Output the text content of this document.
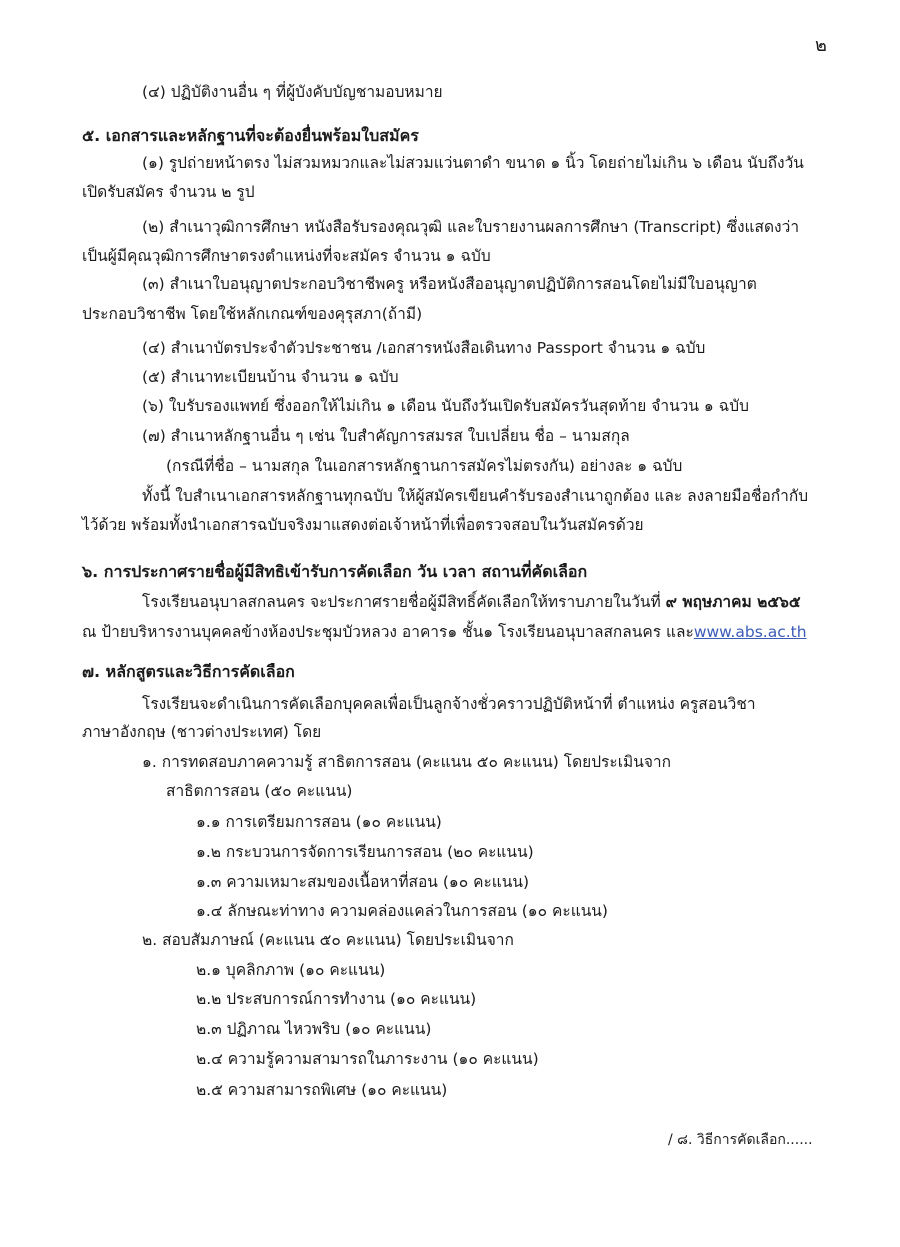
๒
(๔) ปฏิบัติงานอื่น ๆ ที่ผู้บังคับบัญชามอบหมาย
๕. เอกสารและหลักฐานที่จะต้องยื่นพร้อมใบสมัคร
(๑) รูปถ่ายหน้าตรง ไม่สวมหมวกและไม่สวมแว่นตาดำ ขนาด ๑ นิ้ว โดยถ่ายไม่เกิน ๖ เดือน นับถึงวัน
เปิดรับสมัคร จำนวน ๒ รูป
(๒) สำเนาวุฒิการศึกษา หนังสือรับรองคุณวุฒิ และใบรายงานผลการศึกษา (Transcript) ซึ่งแสดงว่า
เป็นผู้มีคุณวุฒิการศึกษาตรงตำแหน่งที่จะสมัคร จำนวน ๑ ฉบับ
(๓) สำเนาใบอนุญาตประกอบวิชาชีพครู หรือหนังสืออนุญาตปฏิบัติการสอนโดยไม่มีใบอนุญาต
ประกอบวิชาชีพ โดยใช้หลักเกณฑ์ของคุรุสภา(ถ้ามี)
(๔) สำเนาบัตรประจำตัวประชาชน /เอกสารหนังสือเดินทาง Passport จำนวน ๑ ฉบับ
(๕) สำเนาทะเบียนบ้าน จำนวน ๑ ฉบับ
(๖) ใบรับรองแพทย์ ซึ่งออกให้ไม่เกิน ๑ เดือน นับถึงวันเปิดรับสมัครวันสุดท้าย จำนวน ๑ ฉบับ
(๗) สำเนาหลักฐานอื่น ๆ เช่น ใบสำคัญการสมรส ใบเปลี่ยน ชื่อ – นามสกุล
(กรณีที่ชื่อ – นามสกุล ในเอกสารหลักฐานการสมัครไม่ตรงกัน) อย่างละ ๑ ฉบับ
ทั้งนี้ ใบสำเนาเอกสารหลักฐานทุกฉบับ ให้ผู้สมัครเขียนคำรับรองสำเนาถูกต้อง และ ลงลายมือชื่อกำกับ
ไว้ด้วย พร้อมทั้งนำเอกสารฉบับจริงมาแสดงต่อเจ้าหน้าที่เพื่อตรวจสอบในวันสมัครด้วย
๖. การประกาศรายชื่อผู้มีสิทธิเข้ารับการคัดเลือก วัน เวลา สถานที่คัดเลือก
โรงเรียนอนุบาลสกลนคร จะประกาศรายชื่อผู้มีสิทธิ์คัดเลือกให้ทราบภายในวันที่ ๙ พฤษภาคม ๒๕๖๕
ณ ป้ายบริหารงานบุคคลข้างห้องประชุมบัวหลวง อาคาร๑ ชั้น๑ โรงเรียนอนุบาลสกลนคร และwww.abs.ac.th
๗. หลักสูตรและวิธีการคัดเลือก
โรงเรียนจะดำเนินการคัดเลือกบุคคลเพื่อเป็นลูกจ้างชั่วคราวปฏิบัติหน้าที่ ตำแหน่ง ครูสอนวิชา
ภาษาอังกฤษ (ชาวต่างประเทศ) โดย
๑. การทดสอบภาคความรู้ สาธิตการสอน (คะแนน ๕๐ คะแนน) โดยประเมินจาก
สาธิตการสอน (๕๐ คะแนน)
๑.๑ การเตรียมการสอน (๑๐ คะแนน)
๑.๒ กระบวนการจัดการเรียนการสอน (๒๐ คะแนน)
๑.๓ ความเหมาะสมของเนื้อหาที่สอน (๑๐ คะแนน)
๑.๔ ลักษณะท่าทาง ความคล่องแคล่วในการสอน (๑๐ คะแนน)
๒. สอบสัมภาษณ์ (คะแนน ๕๐ คะแนน) โดยประเมินจาก
๒.๑ บุคลิกภาพ (๑๐ คะแนน)
๒.๒ ประสบการณ์การทำงาน (๑๐ คะแนน)
๒.๓ ปฏิภาณ ไหวพริบ (๑๐ คะแนน)
๒.๔ ความรู้ความสามารถในภาระงาน (๑๐ คะแนน)
๒.๕ ความสามารถพิเศษ (๑๐ คะแนน)
/ ๘. วิธีการคัดเลือก......
